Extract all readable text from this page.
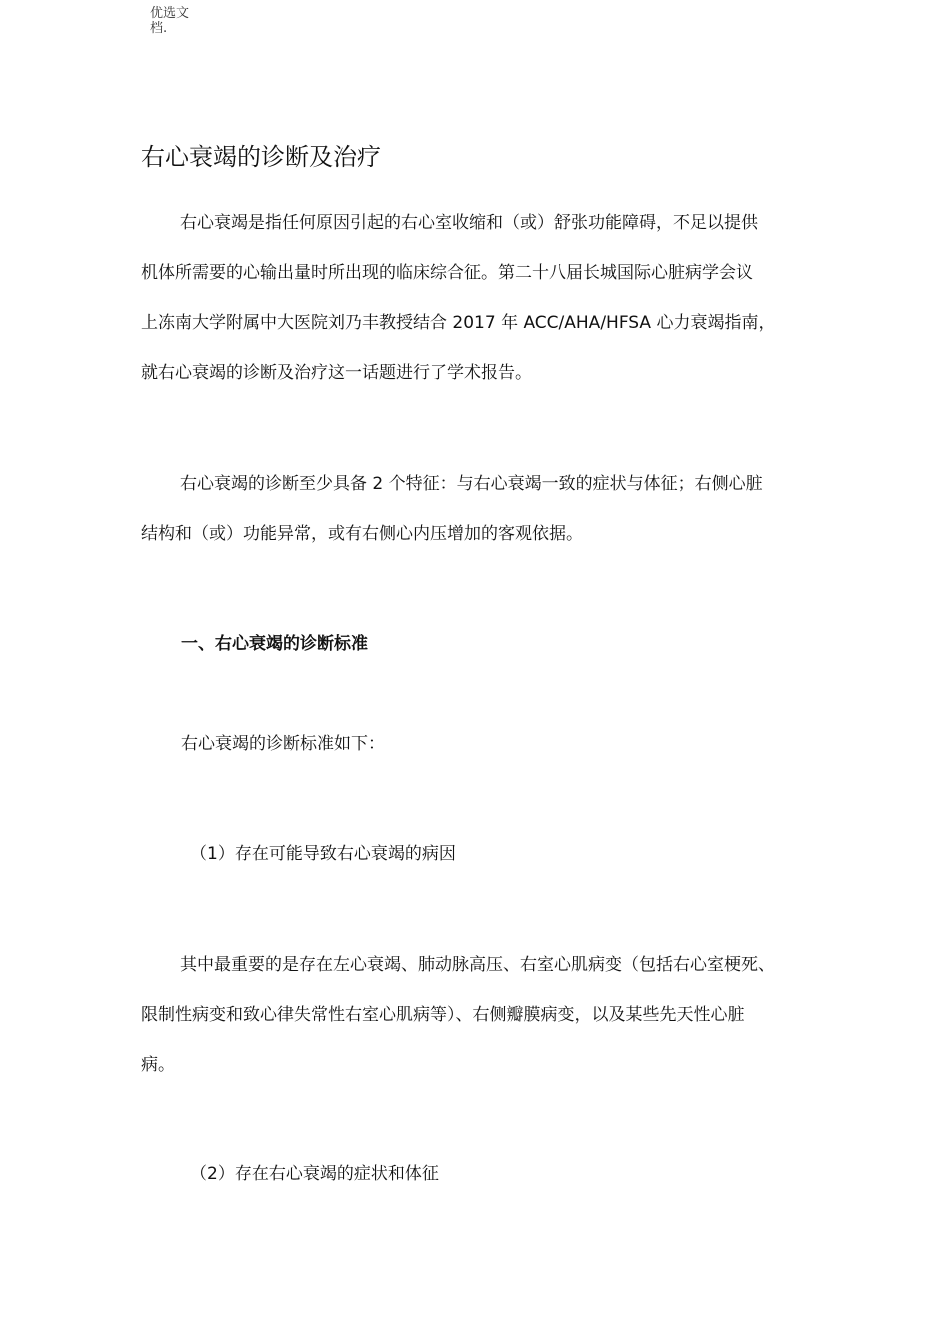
优选文
档.
右心衰竭的诊断及治疗
右心衰竭是指任何原因引起的右心室收缩和（或）舒张功能障碍，不足以提供
机体所需要的心输出量时所出现的临床综合征。第二十八届长城国际心脏病学会议
上冻南大学附属中大医院刘乃丰教授结合 2017 年 ACC/AHA/HFSA 心力衰竭指南，
就右心衰竭的诊断及治疗这一话题进行了学术报告。
右心衰竭的诊断至少具备 2 个特征：与右心衰竭一致的症状与体征；右侧心脏
结构和（或）功能异常，或有右侧心内压增加的客观依据。
一、右心衰竭的诊断标准

右心衰竭的诊断标准如下：

（1）存在可能导致右心衰竭的病因

其中最重要的是存在左心衰竭、肺动脉高压、右室心肌病变（包括右心室梗死、
限制性病变和致心律失常性右室心肌病等）、右侧瓣膜病变，以及某些先天性心脏
病。

（2）存在右心衰竭的症状和体征
